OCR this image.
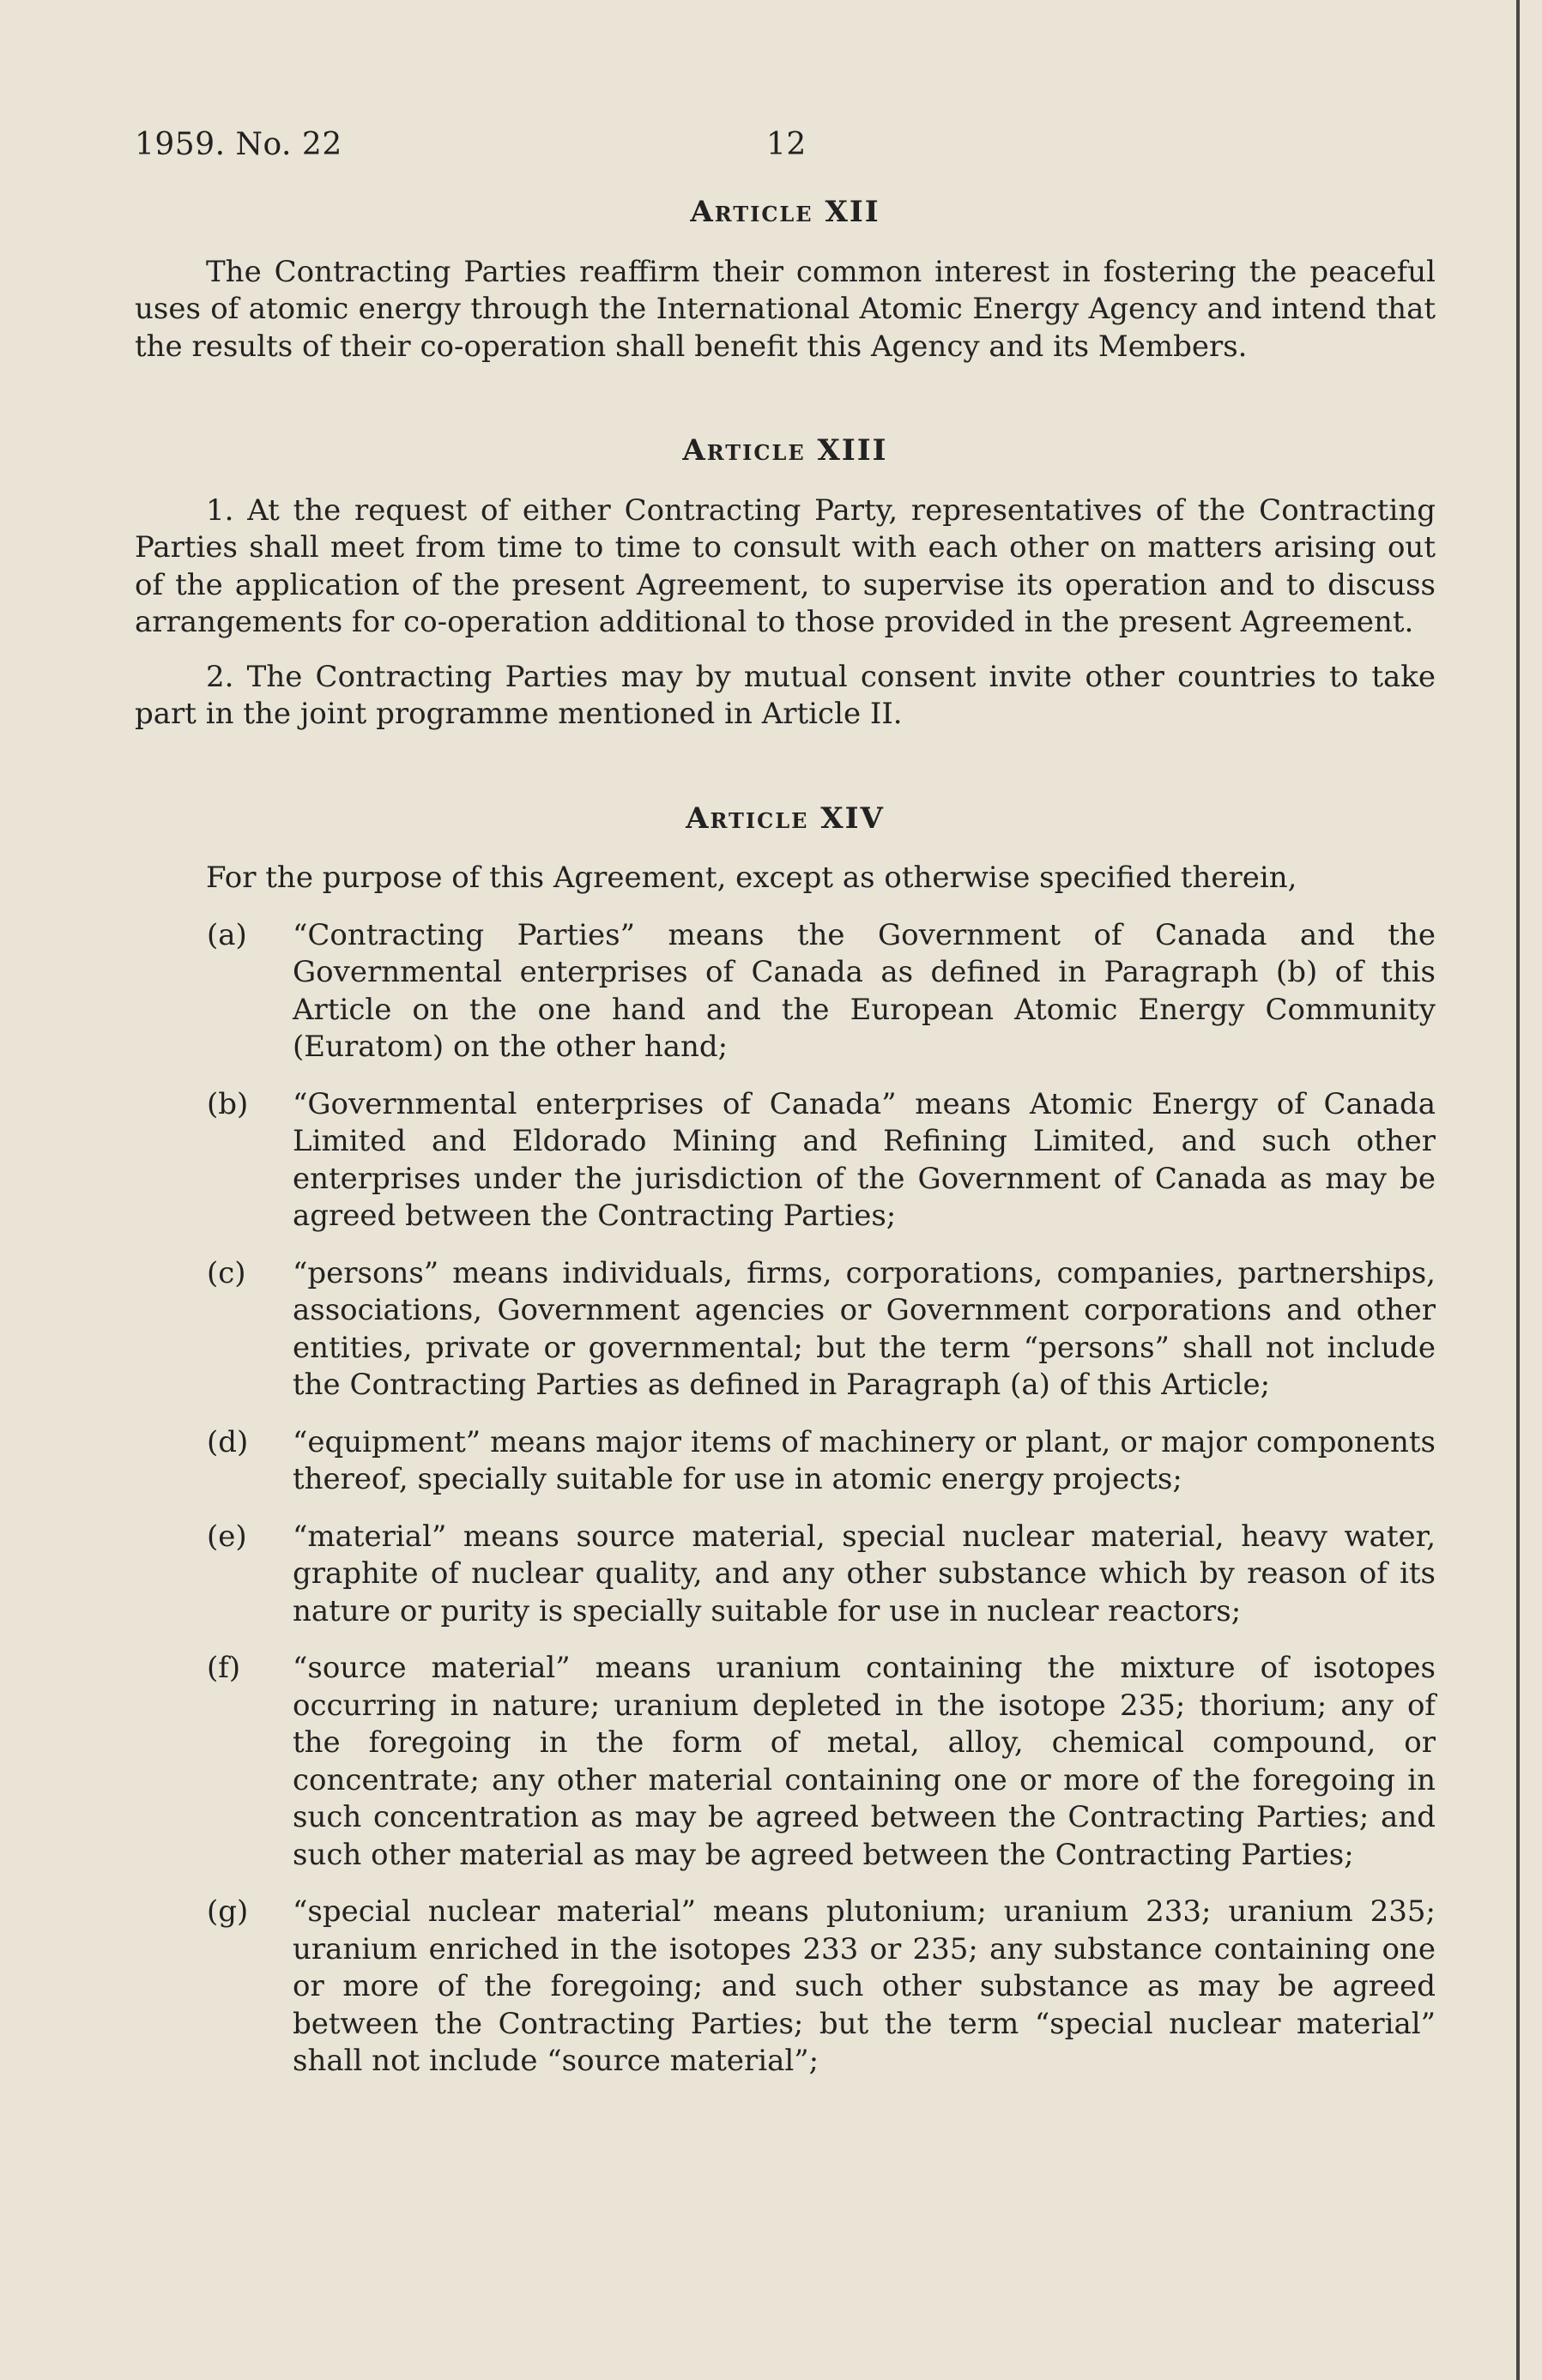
1959. No. 22	12
Article XII

The Contracting Parties reaffirm their common interest in fostering the peaceful uses of atomic energy through the International Atomic Energy Agency and intend that the results of their co-operation shall benefit this Agency and its Members.

Article XIII

1. At the request of either Contracting Party, representatives of the Contracting Parties shall meet from time to time to consult with each other on matters arising out of the application of the present Agreement, to supervise its operation and to discuss arrangements for co-operation additional to those provided in the present Agreement.

2. The Contracting Parties may by mutual consent invite other countries to take part in the joint programme mentioned in Article II.

Article XIV

For the purpose of this Agreement, except as otherwise specified therein,

(a)	“Contracting Parties” means the Government of Canada and the Governmental enterprises of Canada as defined in Paragraph (b) of this Article on the one hand and the European Atomic Energy Community (Euratom) on the other hand;
(b)	“Governmental enterprises of Canada” means Atomic Energy of Canada Limited and Eldorado Mining and Refining Limited, and such other enterprises under the jurisdiction of the Government of Canada as may be agreed between the Contracting Parties;
(c)	“persons” means individuals, firms, corporations, companies, partnerships, associations, Government agencies or Government corporations and other entities, private or governmental; but the term “persons” shall not include the Contracting Parties as defined in Paragraph (a) of this Article;
(d)	“equipment” means major items of machinery or plant, or major components thereof, specially suitable for use in atomic energy projects;
(e)	“material” means source material, special nuclear material, heavy water, graphite of nuclear quality, and any other substance which by reason of its nature or purity is specially suitable for use in nuclear reactors;
(f)	“source material” means uranium containing the mixture of isotopes occurring in nature; uranium depleted in the isotope 235; thorium; any of the foregoing in the form of metal, alloy, chemical compound, or concentrate; any other material containing one or more of the foregoing in such concentration as may be agreed between the Contracting Parties; and such other material as may be agreed between the Contracting Parties;
(g)	“special nuclear material” means plutonium; uranium 233; uranium 235; uranium enriched in the isotopes 233 or 235; any substance containing one or more of the foregoing; and such other substance as may be agreed between the Contracting Parties; but the term “special nuclear material” shall not include “source material”;
